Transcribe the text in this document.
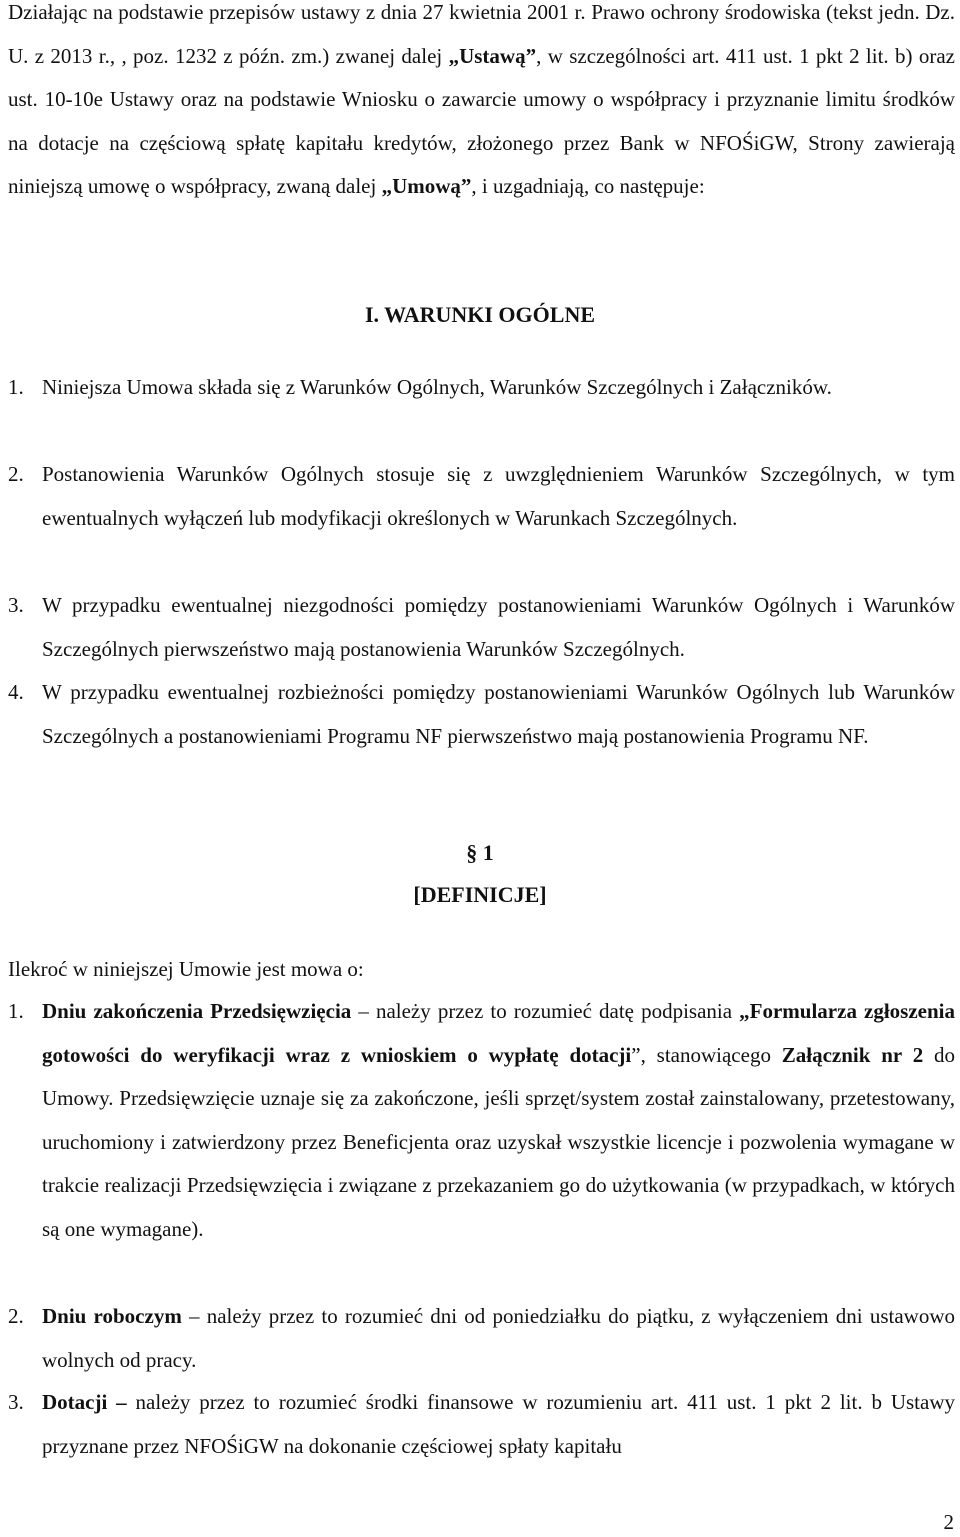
Działając na podstawie przepisów ustawy z dnia 27 kwietnia 2001 r. Prawo ochrony środowiska (tekst jedn. Dz. U. z 2013 r., , poz. 1232 z późn. zm.) zwanej dalej „Ustawą”, w szczególności art. 411 ust. 1 pkt 2 lit. b) oraz ust. 10-10e Ustawy oraz na podstawie Wniosku o zawarcie umowy o współpracy i przyznanie limitu środków na dotacje na częściową spłatę kapitału kredytów, złożonego przez Bank w NFOŚiGW, Strony zawierają niniejszą umowę o współpracy, zwaną dalej „Umową”, i uzgadniają, co następuje:

I. WARUNKI OGÓLNE
1. Niniejsza Umowa składa się z Warunków Ogólnych, Warunków Szczególnych i Załączników.
2. Postanowienia Warunków Ogólnych stosuje się z uwzględnieniem Warunków Szczególnych, w tym ewentualnych wyłączeń lub modyfikacji określonych w Warunkach Szczególnych.
3. W przypadku ewentualnej niezgodności pomiędzy postanowieniami Warunków Ogólnych i Warunków Szczególnych pierwszeństwo mają postanowienia Warunków Szczególnych.
4. W przypadku ewentualnej rozbieżności pomiędzy postanowieniami Warunków Ogólnych lub Warunków Szczególnych a postanowieniami Programu NF pierwszeństwo mają postanowienia Programu NF.
§ 1
[DEFINICJE]

Ilekroć w niniejszej Umowie jest mowa o:

1. Dniu zakończenia Przedsięwzięcia – należy przez to rozumieć datę podpisania „Formularza zgłoszenia gotowości do weryfikacji wraz z wnioskiem o wypłatę dotacji”, stanowiącego Załącznik nr 2 do Umowy. Przedsięwzięcie uznaje się za zakończone, jeśli sprzęt/system został zainstalowany, przetestowany, uruchomiony i zatwierdzony przez Beneficjenta oraz uzyskał wszystkie licencje i pozwolenia wymagane w trakcie realizacji Przedsięwzięcia i związane z przekazaniem go do użytkowania (w przypadkach, w których są one wymagane).
2. Dniu roboczym – należy przez to rozumieć dni od poniedziałku do piątku, z wyłączeniem dni ustawowo wolnych od pracy.
3. Dotacji – należy przez to rozumieć środki finansowe w rozumieniu art. 411 ust. 1 pkt 2 lit. b Ustawy przyznane przez NFOŚiGW na dokonanie częściowej spłaty kapitału
2
